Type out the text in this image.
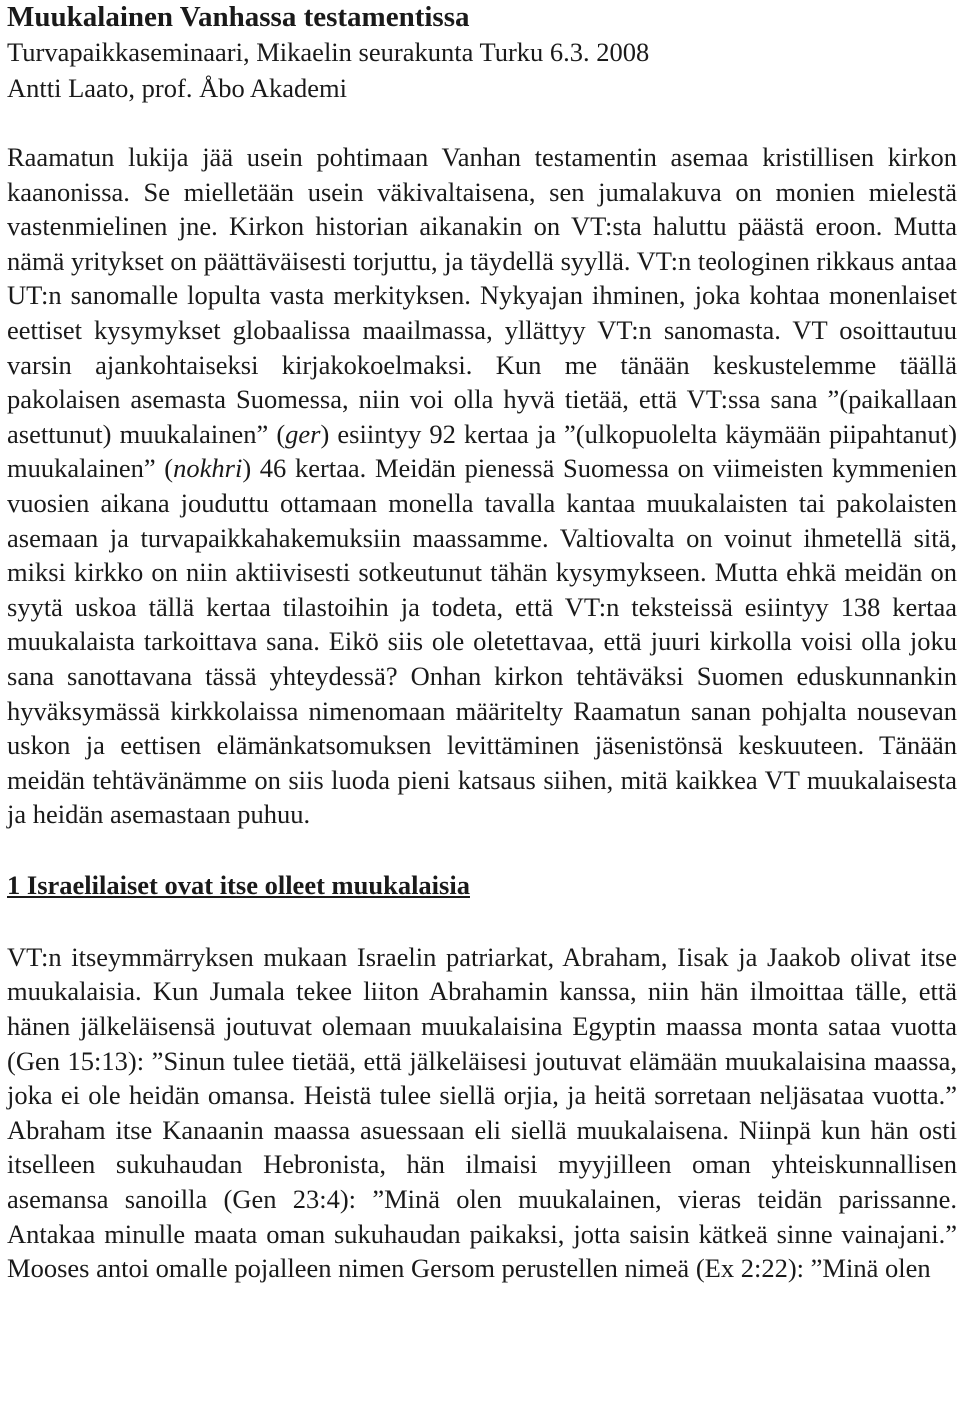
Muukalainen Vanhassa testamentissa

Turvapaikkaseminaari, Mikaelin seurakunta Turku 6.3. 2008

Antti Laato, prof. Åbo Akademi

Raamatun lukija jää usein pohtimaan Vanhan testamentin asemaa kristillisen kirkon kaanonissa. Se mielletään usein väkivaltaisena, sen jumalakuva on monien mielestä vastenmielinen jne. Kirkon historian aikanakin on VT:sta haluttu päästä eroon. Mutta nämä yritykset on päättäväisesti torjuttu, ja täydellä syyllä. VT:n teologinen rikkaus antaa UT:n sanomalle lopulta vasta merkityksen. Nykyajan ihminen, joka kohtaa monenlaiset eettiset kysymykset globaalissa maailmassa, yllättyy VT:n sanomasta. VT osoittautuu varsin ajankohtaiseksi kirjakokoelmaksi. Kun me tänään keskustelemme täällä pakolaisen asemasta Suomessa, niin voi olla hyvä tietää, että VT:ssa sana ”(paikallaan asettunut) muukalainen” (ger) esiintyy 92 kertaa ja ”(ulkopuolelta käymään piipahtanut) muukalainen” (nokhri) 46 kertaa. Meidän pienessä Suomessa on viimeisten kymmenien vuosien aikana jouduttu ottamaan monella tavalla kantaa muukalaisten tai pakolaisten asemaan ja turvapaikkahakemuksiin maassamme. Valtiovalta on voinut ihmetellä sitä, miksi kirkko on niin aktiivisesti sotkeutunut tähän kysymykseen. Mutta ehkä meidän on syytä uskoa tällä kertaa tilastoihin ja todeta, että VT:n teksteissä esiintyy 138 kertaa muukalaista tarkoittava sana. Eikö siis ole oletettavaa, että juuri kirkolla voisi olla joku sana sanottavana tässä yhteydessä? Onhan kirkon tehtäväksi Suomen eduskunnankin hyväksymässä kirkkolaissa nimenomaan määritelty Raamatun sanan pohjalta nousevan uskon ja eettisen elämänkatsomuksen levittäminen jäsenistönsä keskuuteen. Tänään meidän tehtävänämme on siis luoda pieni katsaus siihen, mitä kaikkea VT muukalaisesta ja heidän asemastaan puhuu.

1 Israelilaiset ovat itse olleet muukalaisia

VT:n itseymmärryksen mukaan Israelin patriarkat, Abraham, Iisak ja Jaakob olivat itse muukalaisia. Kun Jumala tekee liiton Abrahamin kanssa, niin hän ilmoittaa tälle, että hänen jälkeläisensä joutuvat olemaan muukalaisina Egyptin maassa monta sataa vuotta (Gen 15:13): ”Sinun tulee tietää, että jälkeläisesi joutuvat elämään muukalaisina maassa, joka ei ole heidän omansa. Heistä tulee siellä orjia, ja heitä sorretaan neljäsataa vuotta.” Abraham itse Kanaanin maassa asuessaan eli siellä muukalaisena. Niinpä kun hän osti itselleen sukuhaudan Hebronista, hän ilmaisi myyjilleen oman yhteiskunnallisen asemansa sanoilla (Gen 23:4): ”Minä olen muukalainen, vieras teidän parissanne. Antakaa minulle maata oman sukuhaudan paikaksi, jotta saisin kätkeä sinne vainajani.” Mooses antoi omalle pojalleen nimen Gersom perustellen nimeä (Ex 2:22): ”Minä olen
